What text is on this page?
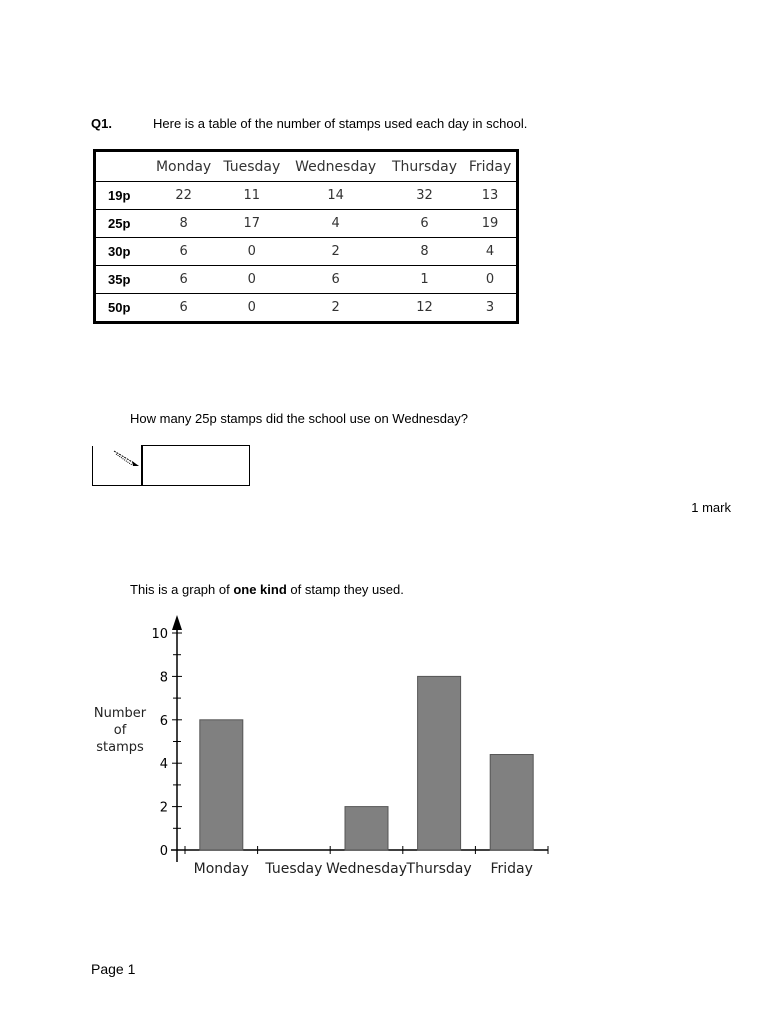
Q1.	Here is a table of the number of stamps used each day in school.
	Monday	Tuesday	Wednesday	Thursday	Friday
19p	22	11	14	32	13
25p	8	17	4	6	19
30p	6	0	2	8	4
35p	6	0	6	1	0
50p	6	0	2	12	3
How many 25p stamps did the school use on Wednesday?
1 mark
This is a graph of one kind of stamp they used.
0
2
4
6
8
10
Number
of
stamps
Monday Tuesday Wednesday Thursday Friday
Page 1
